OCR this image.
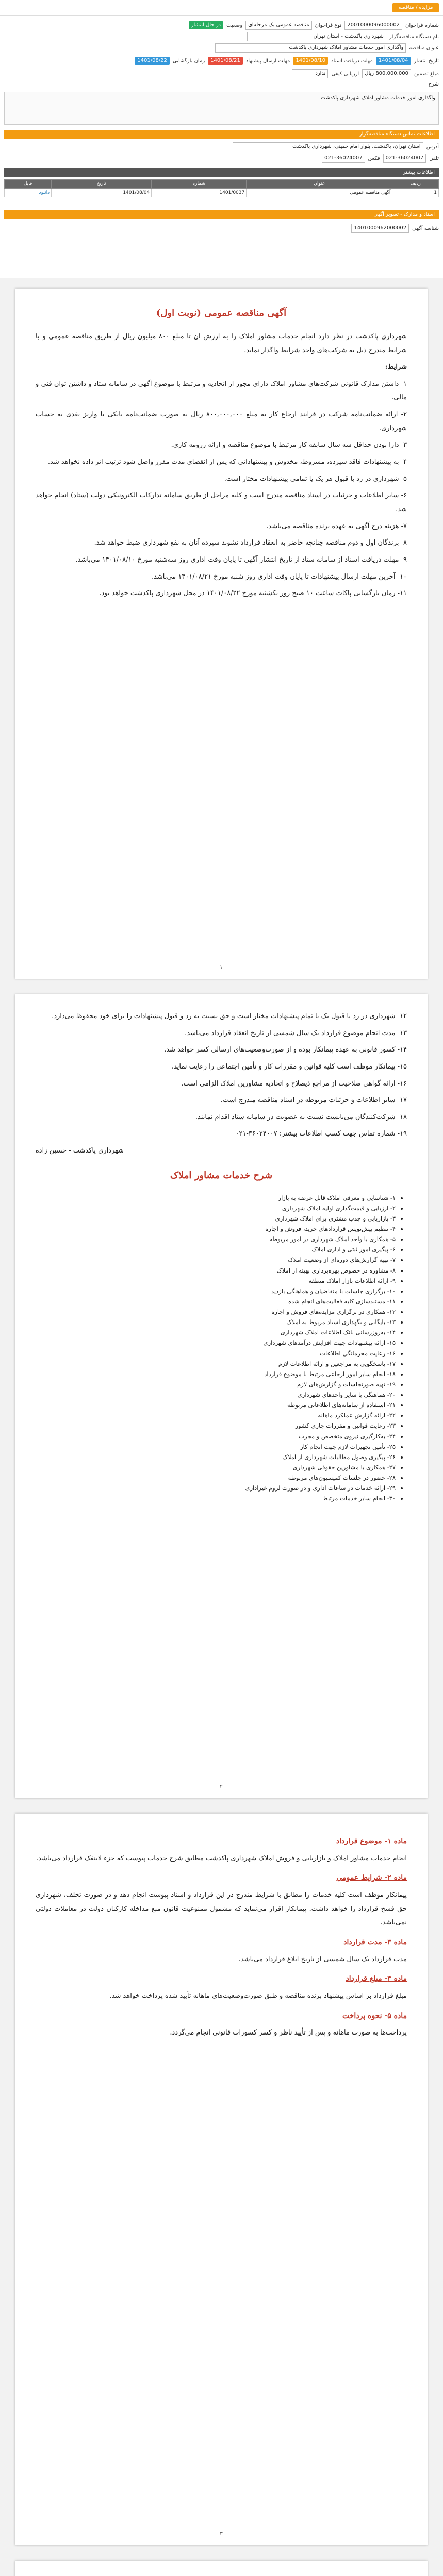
مزایده / مناقصه
شماره فراخوان
2001000096000002
نوع فراخوان
مناقصه عمومی یک مرحله‌ای
وضعیت
در حال انتشار
نام دستگاه مناقصه‌گزار
شهرداری پاکدشت - استان تهران
عنوان مناقصه
واگذاری امور خدمات مشاور املاک شهرداری پاکدشت
تاریخ انتشار
1401/08/04
مهلت دریافت اسناد
1401/08/10
مهلت ارسال پیشنهاد
1401/08/21
زمان بازگشایی
1401/08/22
مبلغ تضمین
800,000,000 ریال
ارزیابی کیفی
ندارد
شرح
واگذاری امور خدمات مشاور املاک شهرداری پاکدشت
اطلاعات تماس دستگاه مناقصه‌گزار
آدرس
استان تهران، پاکدشت، بلوار امام خمینی، شهرداری پاکدشت
تلفن
021-36024007
فکس
021-36024007
اطلاعات بیشتر
ردیف	عنوان	شماره	تاریخ	فایل
1	آگهی مناقصه عمومی	1401/0037	1401/08/04	دانلود
اسناد و مدارک - تصویر آگهی
شناسه آگهی
1401000962000002
آگهی مناقصه عمومی (نوبت اول)

شهرداری پاکدشت در نظر دارد انجام خدمات مشاور املاک را به ارزش ان تا مبلغ ۸۰۰ میلیون ریال از طریق مناقصه عمومی و با شرایط مندرج ذیل به شرکت‌های واجد شرایط واگذار نماید.

شرایط:

۱- داشتن مدارک قانونی شرکت‌های مشاور املاک دارای مجوز از اتحادیه و مرتبط با موضوع آگهی در سامانه ستاد و داشتن توان فنی و مالی.

۲- ارائه ضمانت‌نامه شرکت در فرایند ارجاع کار به مبلغ ۸۰۰,۰۰۰,۰۰۰ ریال به صورت ضمانت‌نامه بانکی یا واریز نقدی به حساب شهرداری.

۳- دارا بودن حداقل سه سال سابقه کار مرتبط با موضوع مناقصه و ارائه رزومه کاری.

۴- به پیشنهادات فاقد سپرده، مشروط، مخدوش و پیشنهاداتی که پس از انقضای مدت مقرر واصل شود ترتیب اثر داده نخواهد شد.

۵- شهرداری در رد یا قبول هر یک یا تمامی پیشنهادات مختار است.

۶- سایر اطلاعات و جزئیات در اسناد مناقصه مندرج است و کلیه مراحل از طریق سامانه تدارکات الکترونیکی دولت (ستاد) انجام خواهد شد.

۷- هزینه درج آگهی به عهده برنده مناقصه می‌باشد.

۸- برندگان اول و دوم مناقصه چنانچه حاضر به انعقاد قرارداد نشوند سپرده آنان به نفع شهرداری ضبط خواهد شد.

۹- مهلت دریافت اسناد از سامانه ستاد از تاریخ انتشار آگهی تا پایان وقت اداری روز سه‌شنبه مورخ ۱۴۰۱/۰۸/۱۰ می‌باشد.

۱۰- آخرین مهلت ارسال پیشنهادات تا پایان وقت اداری روز شنبه مورخ ۱۴۰۱/۰۸/۲۱ می‌باشد.

۱۱- زمان بازگشایی پاکات ساعت ۱۰ صبح روز یکشنبه مورخ ۱۴۰۱/۰۸/۲۲ در محل شهرداری پاکدشت خواهد بود.

۱

۱۲- شهرداری در رد یا قبول یک یا تمام پیشنهادات مختار است و حق نسبت به رد و قبول پیشنهادات را برای خود محفوظ می‌دارد.

۱۳- مدت انجام موضوع قرارداد یک سال شمسی از تاریخ انعقاد قرارداد می‌باشد.

۱۴- کسور قانونی به عهده پیمانکار بوده و از صورت‌وضعیت‌های ارسالی کسر خواهد شد.

۱۵- پیمانکار موظف است کلیه قوانین و مقررات کار و تأمین اجتماعی را رعایت نماید.

۱۶- ارائه گواهی صلاحیت از مراجع ذیصلاح و اتحادیه مشاورین املاک الزامی است.

۱۷- سایر اطلاعات و جزئیات مربوطه در اسناد مناقصه مندرج است.

۱۸- شرکت‌کنندگان می‌بایست نسبت به عضویت در سامانه ستاد اقدام نمایند.

۱۹- شماره تماس جهت کسب اطلاعات بیشتر: ۳۶۰۲۴۰۰۷-۰۲۱

شهرداری پاکدشت - حسین زاده

شرح خدمات مشاور املاک
• ۱- شناسایی و معرفی املاک قابل عرضه به بازار
• ۲- ارزیابی و قیمت‌گذاری اولیه املاک شهرداری
• ۳- بازاریابی و جذب مشتری برای املاک شهرداری
• ۴- تنظیم پیش‌نویس قراردادهای خرید، فروش و اجاره
• ۵- همکاری با واحد املاک شهرداری در امور مربوطه
• ۶- پیگیری امور ثبتی و اداری املاک
• ۷- تهیه گزارش‌های دوره‌ای از وضعیت املاک
• ۸- مشاوره در خصوص بهره‌برداری بهینه از املاک
• ۹- ارائه اطلاعات بازار املاک منطقه
• ۱۰- برگزاری جلسات با متقاضیان و هماهنگی بازدید
• ۱۱- مستندسازی کلیه فعالیت‌های انجام شده
• ۱۲- همکاری در برگزاری مزایده‌های فروش و اجاره
• ۱۳- بایگانی و نگهداری اسناد مربوط به املاک
• ۱۴- به‌روزرسانی بانک اطلاعات املاک شهرداری
• ۱۵- ارائه پیشنهادات جهت افزایش درآمدهای شهرداری
• ۱۶- رعایت محرمانگی اطلاعات
• ۱۷- پاسخگویی به مراجعین و ارائه اطلاعات لازم
• ۱۸- انجام سایر امور ارجاعی مرتبط با موضوع قرارداد
• ۱۹- تهیه صورتجلسات و گزارش‌های لازم
• ۲۰- هماهنگی با سایر واحدهای شهرداری
• ۲۱- استفاده از سامانه‌های اطلاعاتی مربوطه
• ۲۲- ارائه گزارش عملکرد ماهانه
• ۲۳- رعایت قوانین و مقررات جاری کشور
• ۲۴- به‌کارگیری نیروی متخصص و مجرب
• ۲۵- تأمین تجهیزات لازم جهت انجام کار
• ۲۶- پیگیری وصول مطالبات شهرداری از املاک
• ۲۷- همکاری با مشاورین حقوقی شهرداری
• ۲۸- حضور در جلسات کمیسیون‌های مربوطه
• ۲۹- ارائه خدمات در ساعات اداری و در صورت لزوم غیراداری
• ۳۰- انجام سایر خدمات مرتبط
۲
ماده ۱- موضوع قرارداد

انجام خدمات مشاور املاک و بازاریابی و فروش املاک شهرداری پاکدشت مطابق شرح خدمات پیوست که جزء لاینفک قرارداد می‌باشد.

ماده ۲- شرایط عمومی

پیمانکار موظف است کلیه خدمات را مطابق با شرایط مندرج در این قرارداد و اسناد پیوست انجام دهد و در صورت تخلف، شهرداری حق فسخ قرارداد را خواهد داشت. پیمانکار اقرار می‌نماید که مشمول ممنوعیت قانون منع مداخله کارکنان دولت در معاملات دولتی نمی‌باشد.

ماده ۳- مدت قرارداد

مدت قرارداد یک سال شمسی از تاریخ ابلاغ قرارداد می‌باشد.

ماده ۴- مبلغ قرارداد

مبلغ قرارداد بر اساس پیشنهاد برنده مناقصه و طبق صورت‌وضعیت‌های ماهانه تأیید شده پرداخت خواهد شد.

ماده ۵- نحوه پرداخت

پرداخت‌ها به صورت ماهانه و پس از تأیید ناظر و کسر کسورات قانونی انجام می‌گردد.

۳
